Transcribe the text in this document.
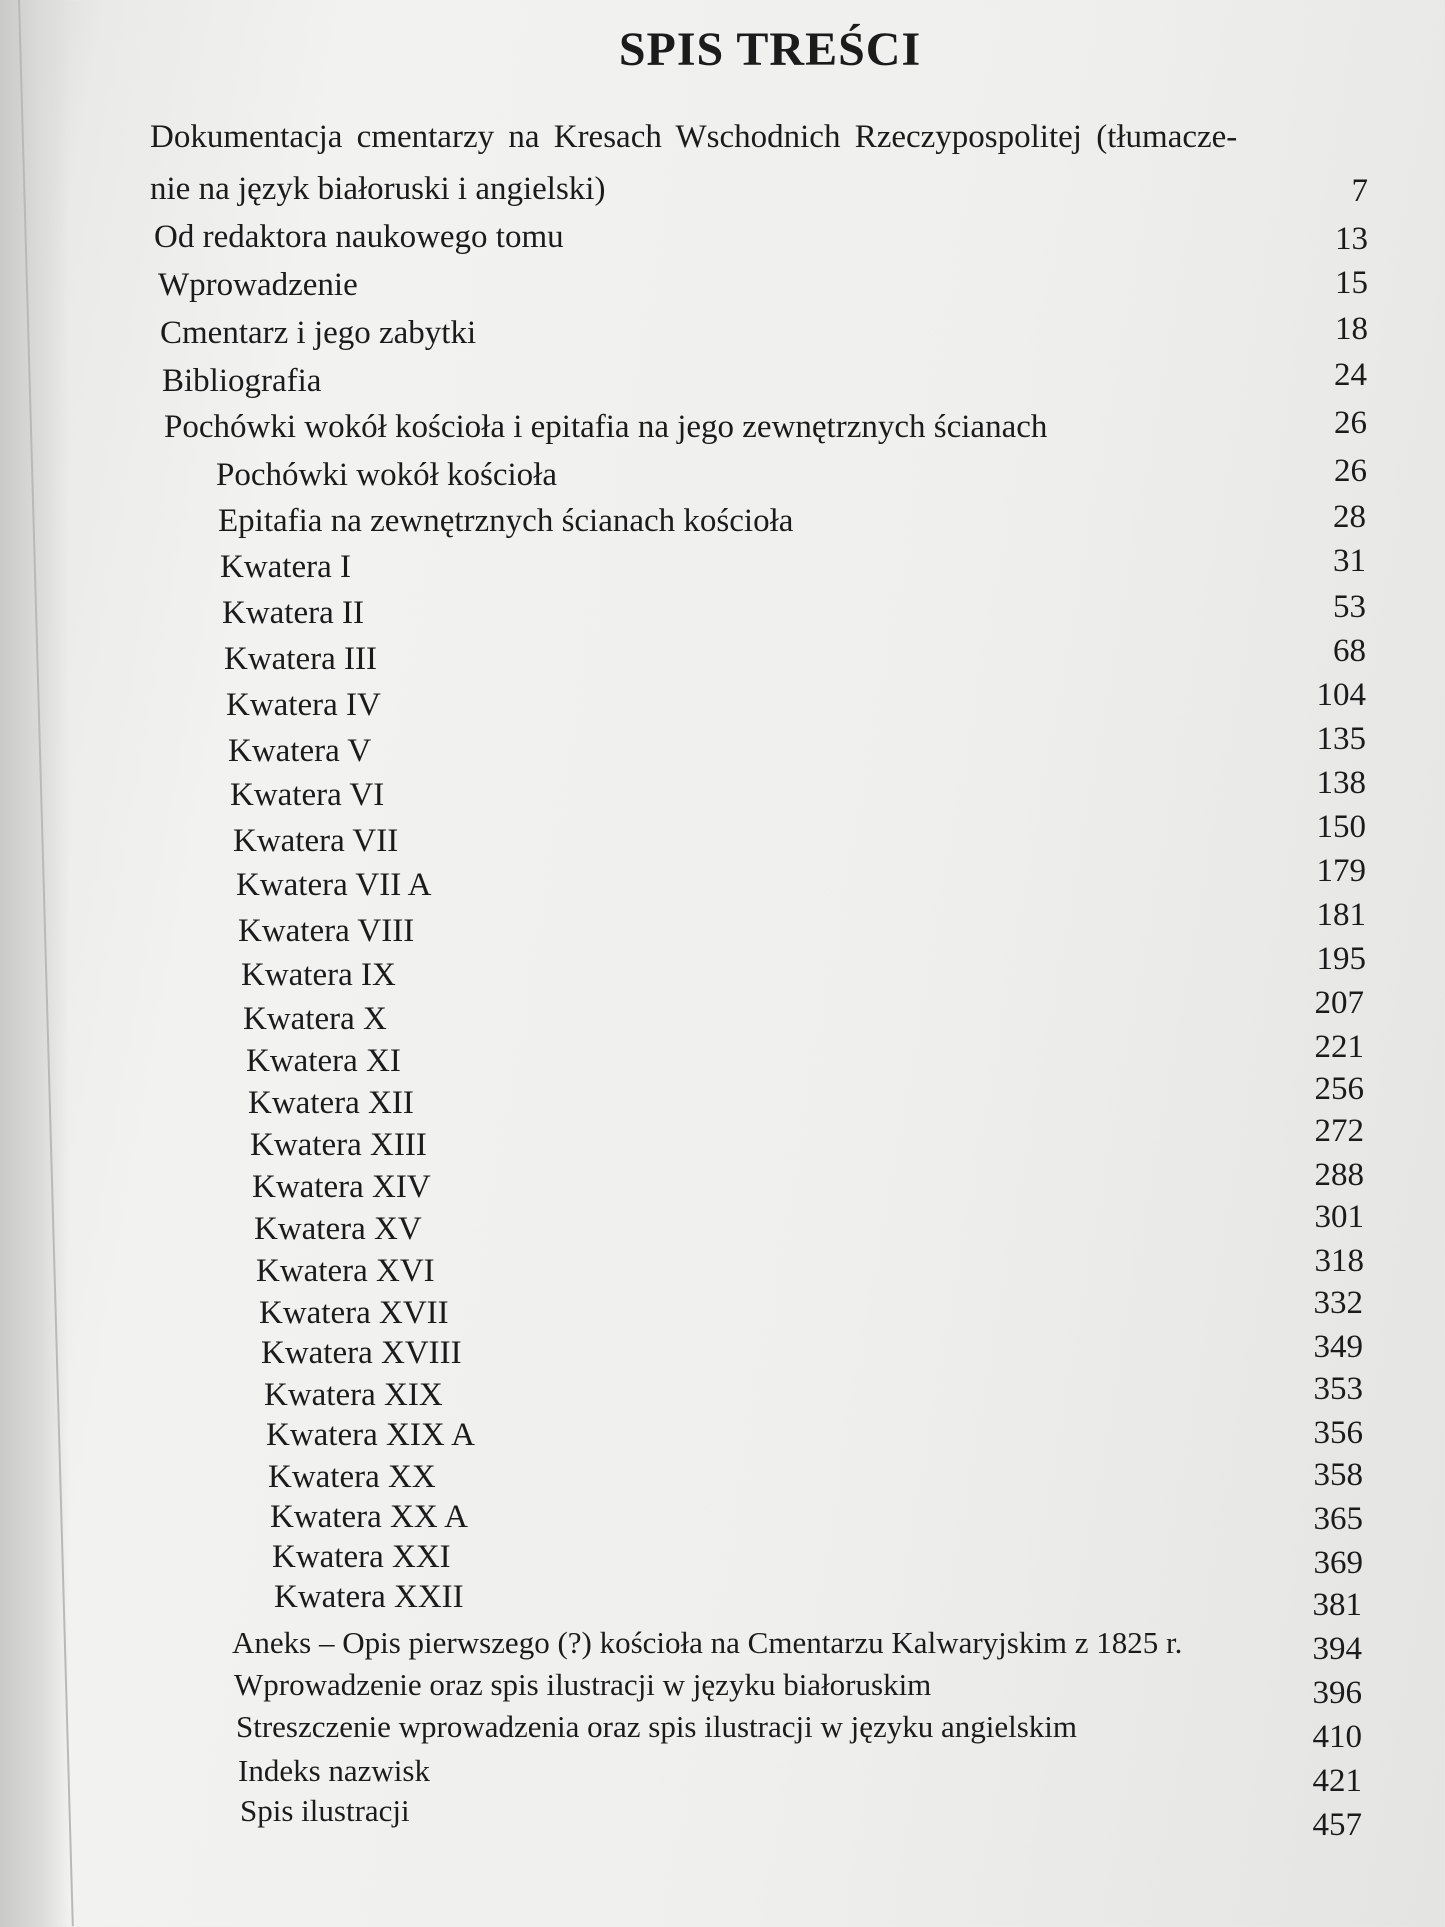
SPIS TREŚCI
Dokumentacja cmentarzy na Kresach Wschodnich Rzeczypospolitej (tłumacze-
nie na język białoruski i angielski)	7
Od redaktora naukowego tomu	13
Wprowadzenie	15
Cmentarz i jego zabytki	18
Bibliografia	24
Pochówki wokół kościoła i epitafia na jego zewnętrznych ścianach	26
Pochówki wokół kościoła	26
Epitafia na zewnętrznych ścianach kościoła	28
Kwatera I	31
Kwatera II	53
Kwatera III	68
Kwatera IV	104
Kwatera V	135
Kwatera VI	138
Kwatera VII	150
Kwatera VII A	179
Kwatera VIII	181
Kwatera IX	195
Kwatera X	207
Kwatera XI	221
Kwatera XII	256
Kwatera XIII	272
Kwatera XIV	288
Kwatera XV	301
Kwatera XVI	318
Kwatera XVII	332
Kwatera XVIII	349
Kwatera XIX	353
Kwatera XIX A	356
Kwatera XX	358
Kwatera XX A	365
Kwatera XXI	369
Kwatera XXII	381
Aneks – Opis pierwszego (?) kościoła na Cmentarzu Kalwaryjskim z 1825 r.	394
Wprowadzenie oraz spis ilustracji w języku białoruskim	396
Streszczenie wprowadzenia oraz spis ilustracji w języku angielskim	410
Indeks nazwisk	421
Spis ilustracji	457
